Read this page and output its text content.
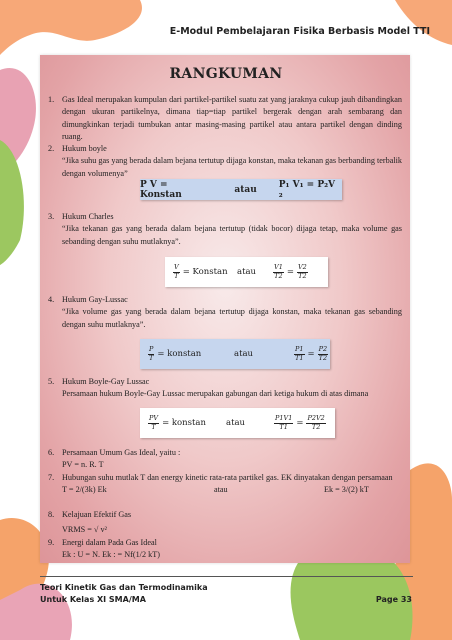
E-Modul Pembelajaran Fisika Berbasis Model TTI
RANGKUMAN
1. Gas Ideal merupakan kumpulan dari partikel-partikel suatu zat yang jaraknya cukup jauh dibandingkan dengan ukuran partikelnya, dimana tiap=tiap partikel bergerak dengan arah sembarang dan dimungkinkan terjadi tumbukan antar masing-masing partikel atau antara partikel dengan dinding ruang.
2. Hukum boyle
“Jika suhu gas yang berada dalam bejana tertutup dijaga konstan, maka tekanan gas berbanding terbalik dengan volumenya”
P V = Konstan	atau P₁ V₁ = P₂V ₂
3. Hukum Charles
“Jika tekanan gas yang berada dalam bejana tertutup (tidak bocor) dijaga tetap, maka volume gas sebanding dengan suhu mutlaknya”.
$\frac{V}{T}$ = Konstan atau	$\frac{V1}{T2} = \frac{V2}{T2}$
4. Hukum Gay-Lussac
“Jika volume gas yang berada dalam bejana tertutup dijaga konstan, maka tekanan gas sebanding dengan suhu mutlaknya”.
$\frac{P}{T}$ = konstan	atau	$\frac{P1}{T1} = \frac{P2}{T2}$
5. Hukum Boyle-Gay Lussac
Persamaan hukum Boyle-Gay Lussac merupakan gabungan dari ketiga hukum di atas dimana
$\frac{PV}{T}$ = konstan atau	$\frac{P1V1}{T1} = \frac{P2V2}{T2}$
6. Persamaan Umum Gas Ideal, yaitu :
PV = n. R. T
7. Hubungan suhu mutlak T dan energy kinetic rata-rata partikel gas. EK dinyatakan dengan persamaan
T = 2/(3k) Ek	atau	Ek = 3/(2) kT
8. Kelajuan Efektif Gas
VRMS = √ v²
9. Energi dalam Pada Gas Ideal
Ek : U = N. Ek : = Nf(1/2 kT)
Teori Kinetik Gas dan Termodinamika
Untuk Kelas XI SMA/MA	Page 33
